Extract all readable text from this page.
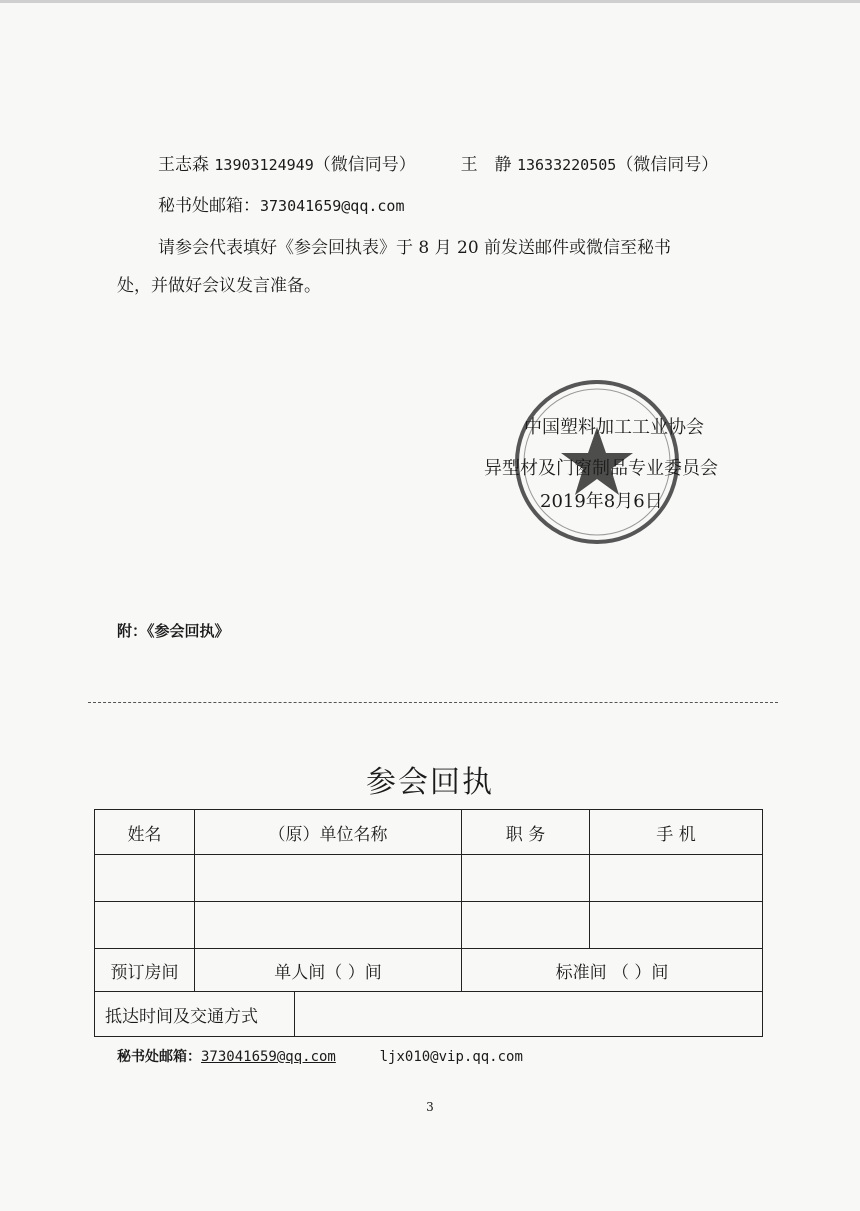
王志森 13903124949（微信同号）	王　静 13633220505（微信同号）
秘书处邮箱：373041659@qq.com
请参会代表填好《参会回执表》于 8 月 20 前发送邮件或微信至秘书
处，并做好会议发言准备。
中国塑料加工工业协会
异型材及门窗制品专业委员会
2019年8月6日
附：《参会回执》
参会回执
姓名	（原）单位名称		职 务	手 机

预订房间	单人间（ ）间		标准间 （ ）间	
抵达时间及交通方式				
秘书处邮箱：373041659@qq.com	ljx010@vip.qq.com
3
